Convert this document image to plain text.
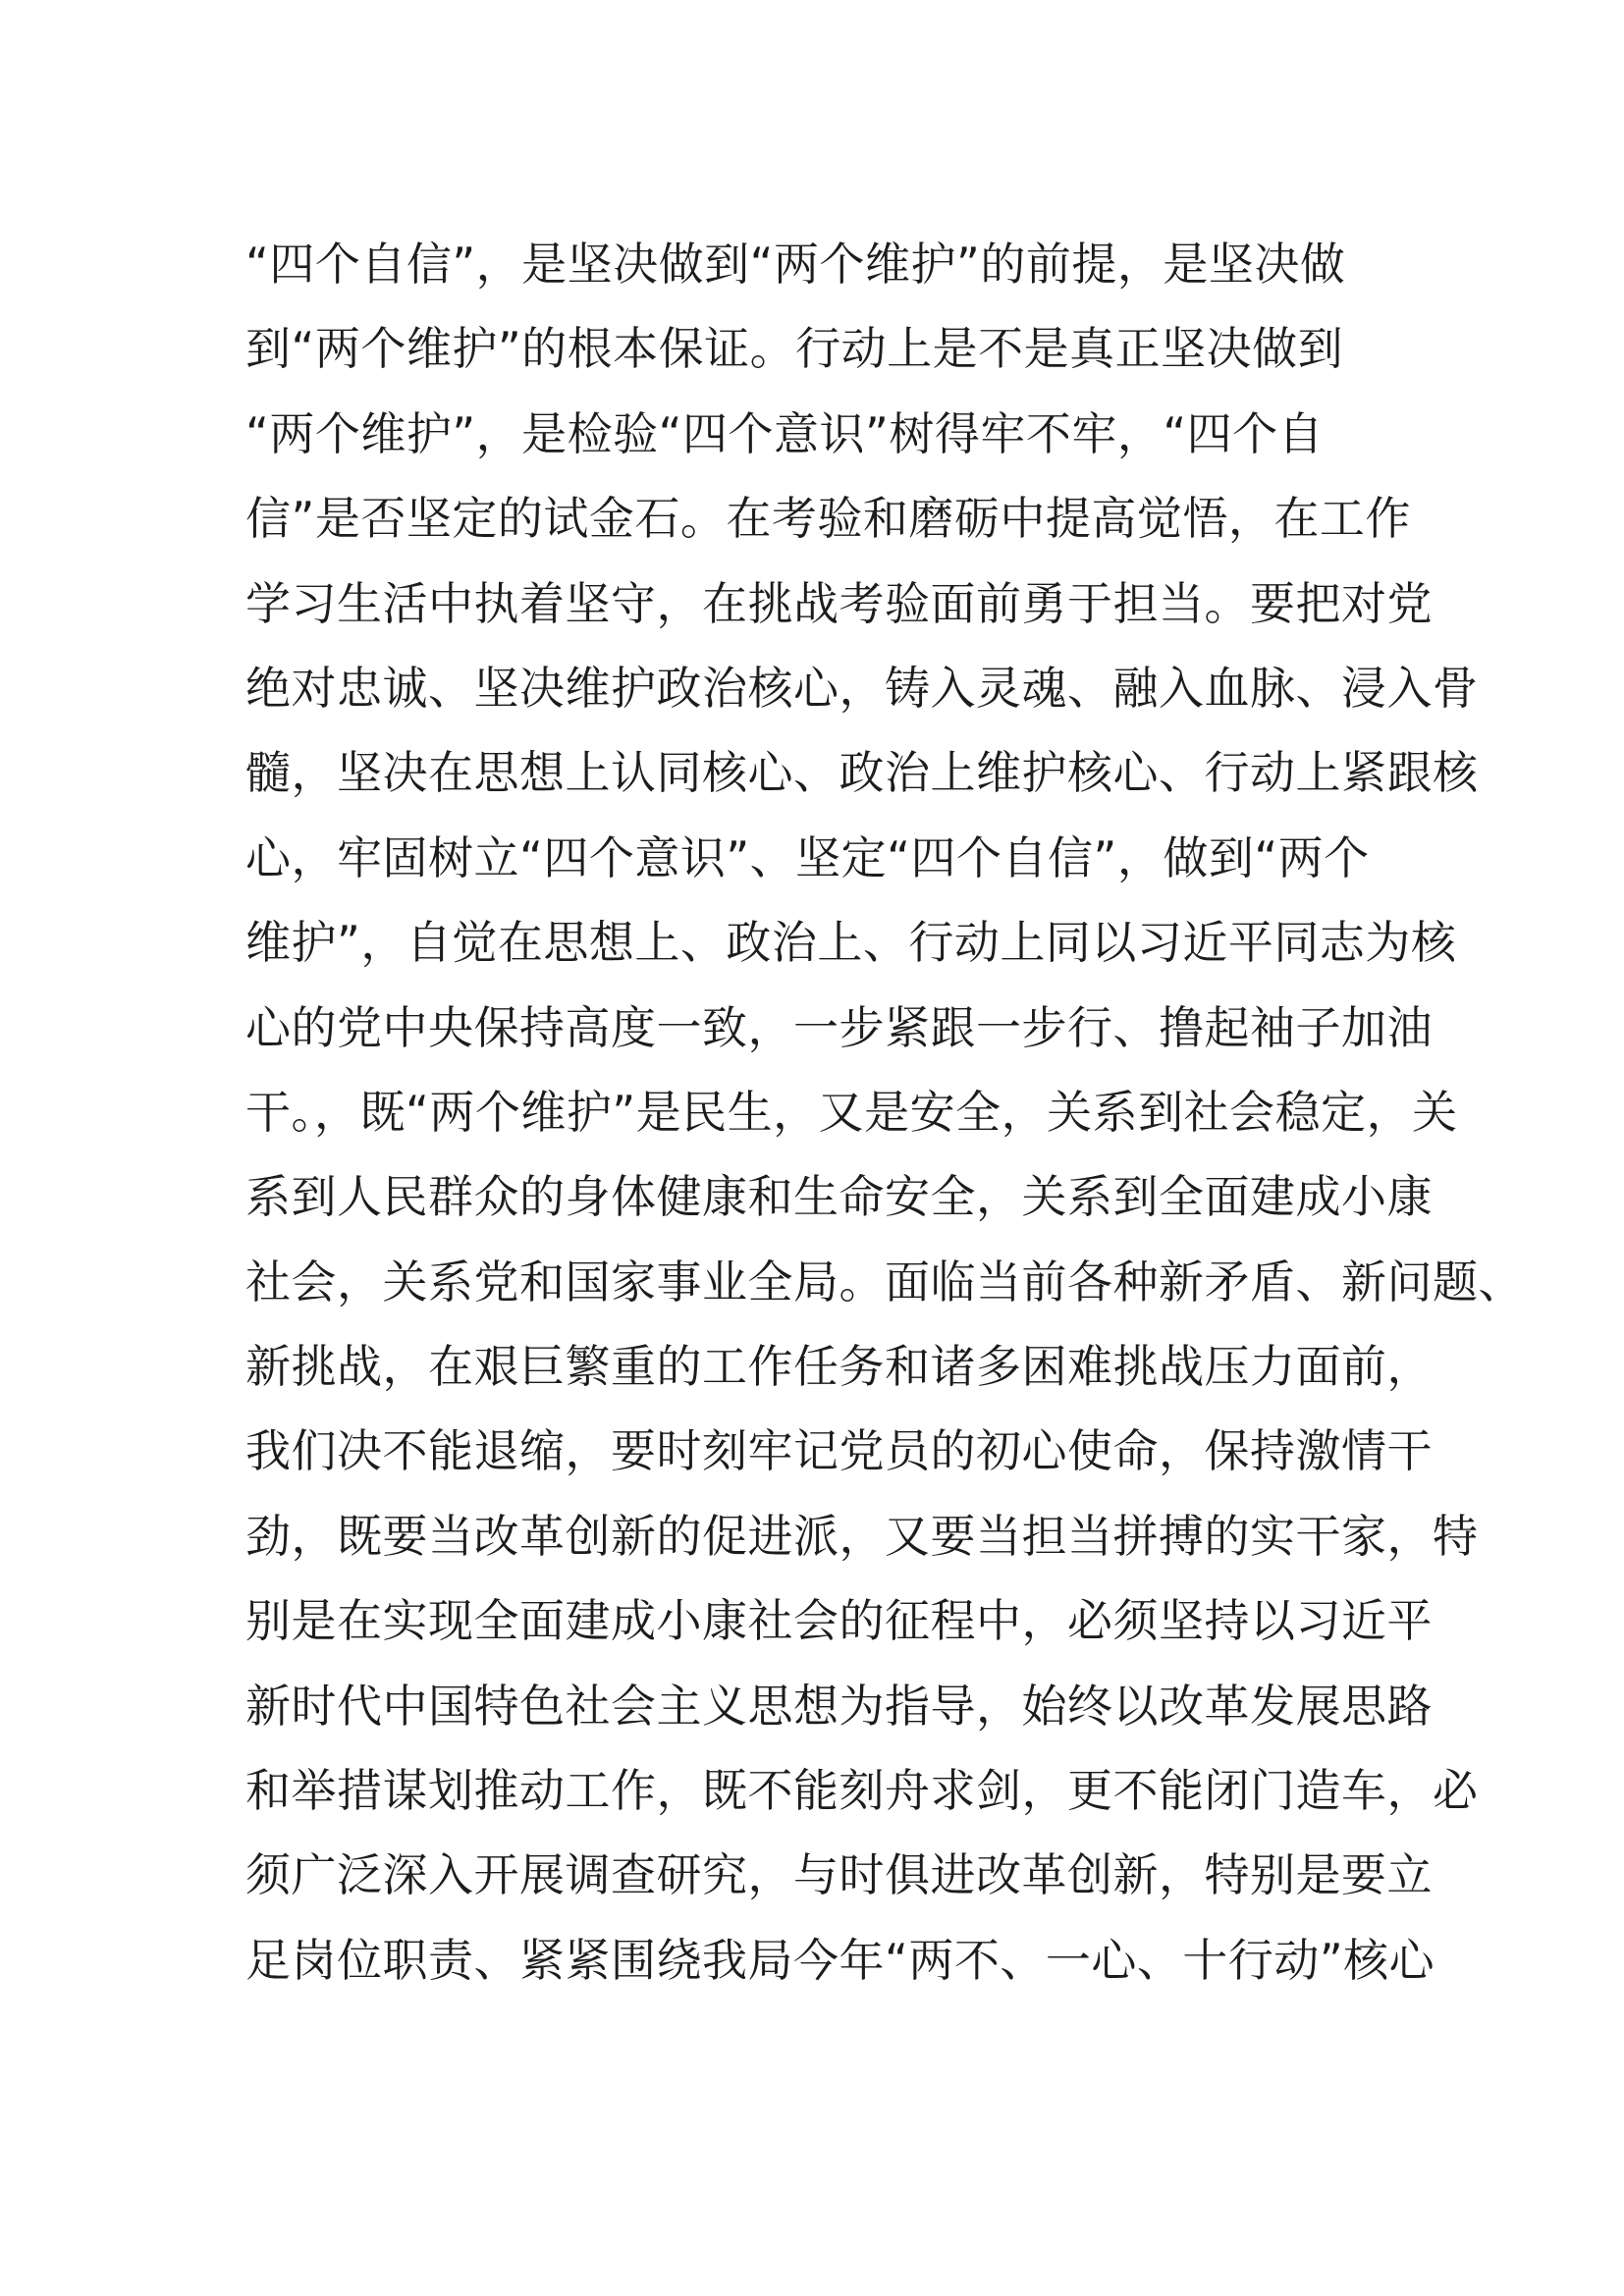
“四个自信”，是坚决做到“两个维护”的前提，是坚决做
到“两个维护”的根本保证。行动上是不是真正坚决做到
“两个维护”，是检验“四个意识”树得牢不牢，“四个自
信”是否坚定的试金石。在考验和磨砺中提高觉悟，在工作
学习生活中执着坚守，在挑战考验面前勇于担当。要把对党
绝对忠诚、坚决维护政治核心，铸入灵魂、融入血脉、浸入骨
髓，坚决在思想上认同核心、政治上维护核心、行动上紧跟核
心，牢固树立“四个意识”、坚定“四个自信”，做到“两个
维护”，自觉在思想上、政治上、行动上同以习近平同志为核
心的党中央保持高度一致，一步紧跟一步行、撸起袖子加油
干。，既“两个维护”是民生，又是安全，关系到社会稳定，关
系到人民群众的身体健康和生命安全，关系到全面建成小康
社会，关系党和国家事业全局。面临当前各种新矛盾、新问题、
新挑战，在艰巨繁重的工作任务和诸多困难挑战压力面前，
我们决不能退缩，要时刻牢记党员的初心使命，保持激情干
劲，既要当改革创新的促进派，又要当担当拼搏的实干家，特
别是在实现全面建成小康社会的征程中，必须坚持以习近平
新时代中国特色社会主义思想为指导，始终以改革发展思路
和举措谋划推动工作，既不能刻舟求剑，更不能闭门造车，必
须广泛深入开展调查研究，与时俱进改革创新，特别是要立
足岗位职责、紧紧围绕我局今年“两不、一心、十行动”核心
